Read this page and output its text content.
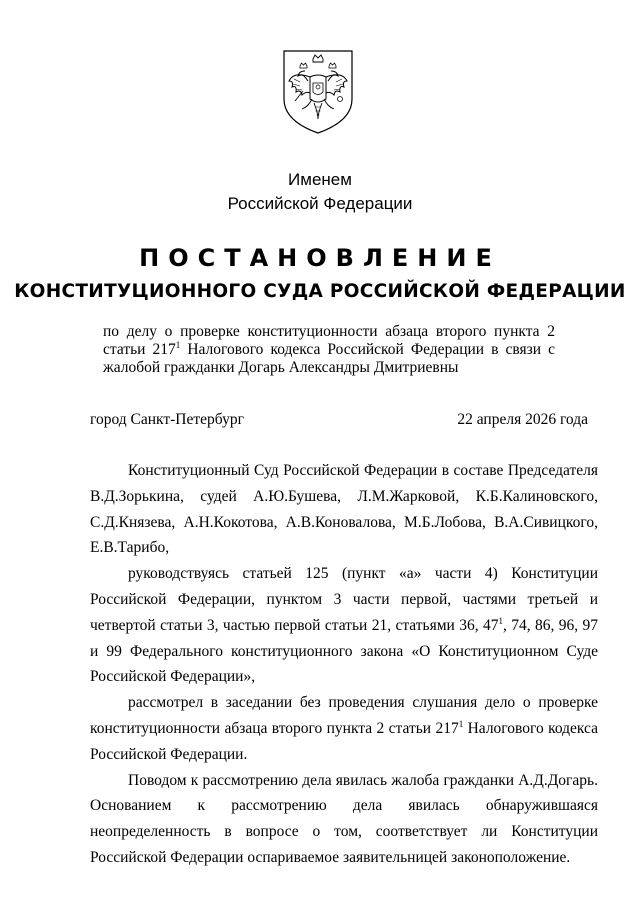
Именем
Российской Федерации
ПОСТАНОВЛЕНИЕ
КОНСТИТУЦИОННОГО СУДА РОССИЙСКОЙ ФЕДЕРАЦИИ

по делу о проверке конституционности абзаца второго пункта 2 статьи $217^1$ Налогового кодекса Российской Федерации в связи с жалобой гражданки Догарь Александры Дмитриевны

город Санкт-Петербург	22 апреля 2026 года

Конституционный Суд Российской Федерации в составе Председателя В.Д.Зорькина, судей А.Ю.Бушева, Л.М.Жарковой, К.Б.Калиновского, С.Д.Князева, А.Н.Кокотова, А.В.Коновалова, М.Б.Лобова, В.А.Сивицкого, Е.В.Тарибо,

руководствуясь статьей 125 (пункт «а» части 4) Конституции Российской Федерации, пунктом 3 части первой, частями третьей и четвертой статьи 3, частью первой статьи 21, статьями 36, $47^1$, 74, 86, 96, 97 и 99 Федерального конституционного закона «О Конституционном Суде Российской Федерации»,

рассмотрел в заседании без проведения слушания дело о проверке конституционности абзаца второго пункта 2 статьи $217^1$ Налогового кодекса Российской Федерации.

Поводом к рассмотрению дела явилась жалоба гражданки А.Д.Догарь. Основанием к рассмотрению дела явилась обнаружившаяся неопределенность в вопросе о том, соответствует ли Конституции Российской Федерации оспариваемое заявительницей законоположение.
